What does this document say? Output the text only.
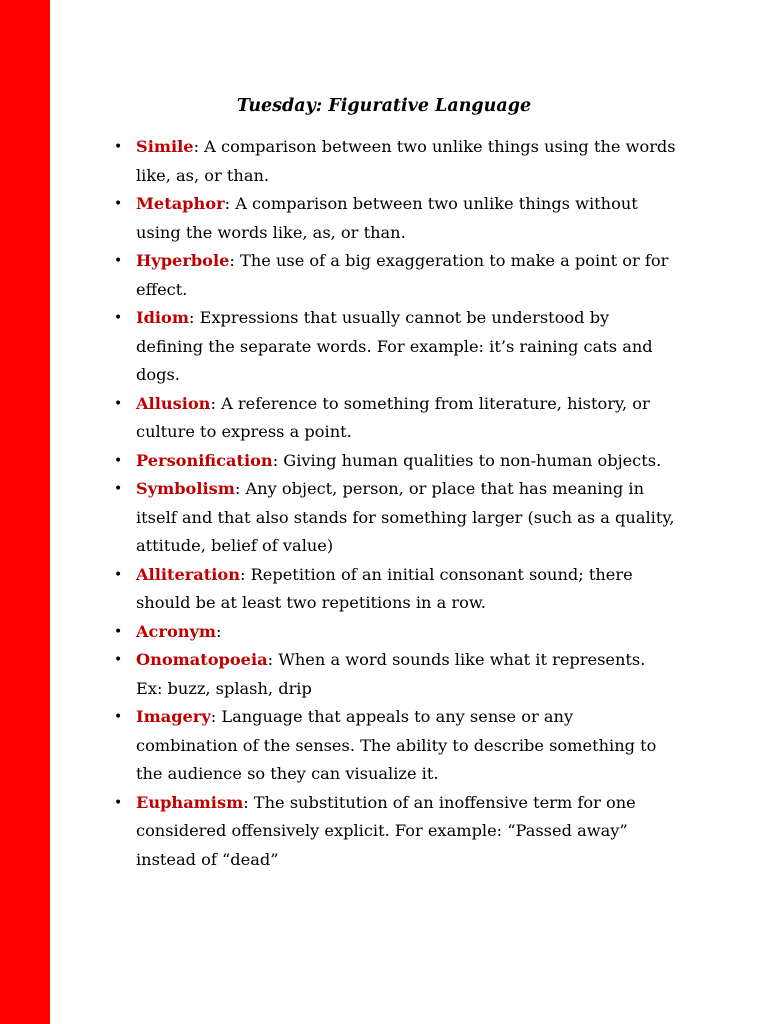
Tuesday: Figurative Language
• Simile: A comparison between two unlike things using the words like, as, or than.
• Metaphor: A comparison between two unlike things without using the words like, as, or than.
• Hyperbole: The use of a big exaggeration to make a point or for effect.
• Idiom: Expressions that usually cannot be understood by defining the separate words. For example: it’s raining cats and dogs.
• Allusion: A reference to something from literature, history, or culture to express a point.
• Personification: Giving human qualities to non-human objects.
• Symbolism: Any object, person, or place that has meaning in itself and that also stands for something larger (such as a quality, attitude, belief of value)
• Alliteration: Repetition of an initial consonant sound; there should be at least two repetitions in a row.
• Acronym:
• Onomatopoeia: When a word sounds like what it represents. Ex: buzz, splash, drip
• Imagery: Language that appeals to any sense or any combination of the senses. The ability to describe something to the audience so they can visualize it.
• Euphamism: The substitution of an inoffensive term for one considered offensively explicit. For example: “Passed away” instead of “dead”
